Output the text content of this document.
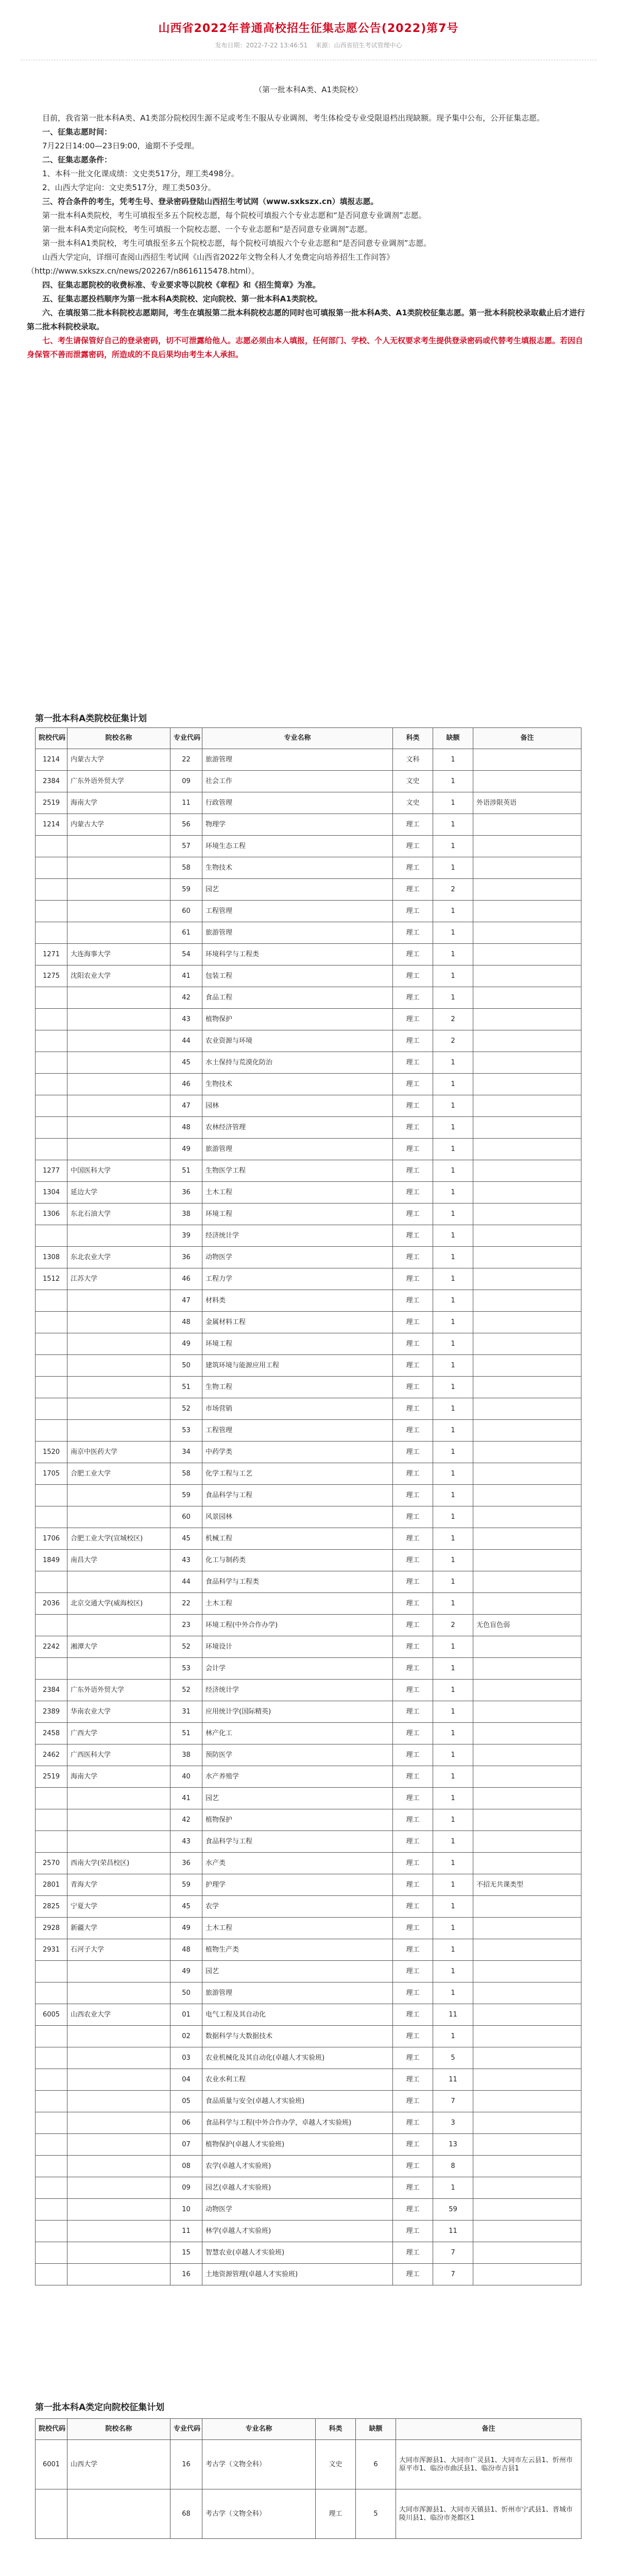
山西省2022年普通高校招生征集志愿公告(2022)第7号
发布日期：2022-7-22 13:46:51 来源：山西省招生考试管理中心

（第一批本科A类、A1类院校）

目前，我省第一批本科A类、A1类部分院校因生源不足或考生不服从专业调剂、考生体检受专业受限退档出现缺额。现予集中公布，公开征集志愿。

一、征集志愿时间：

7月22日14:00—23日9:00，逾期不予受理。

二、征集志愿条件：

1、本科一批文化课成绩：文史类517分，理工类498分。

2、山西大学定向：文史类517分，理工类503分。

三、符合条件的考生，凭考生号、登录密码登陆山西招生考试网（www.sxkszx.cn）填报志愿。

第一批本科A类院校，考生可填报至多五个院校志愿，每个院校可填报六个专业志愿和“是否同意专业调剂”志愿。

第一批本科A类定向院校，考生可填报一个院校志愿、一个专业志愿和“是否同意专业调剂”志愿。

第一批本科A1类院校，考生可填报至多五个院校志愿，每个院校可填报六个专业志愿和“是否同意专业调剂”志愿。

山西大学定向，详细可查阅山西招生考试网《山西省2022年文物全科人才免费定向培养招生工作问答》（http://www.sxkszx.cn/news/202267/n8616115478.html）。

四、征集志愿院校的收费标准、专业要求等以院校《章程》和《招生简章》为准。

五、征集志愿投档顺序为第一批本科A类院校、定向院校、第一批本科A1类院校。

六、在填报第二批本科院校志愿期间，考生在填报第二批本科院校志愿的同时也可填报第一批本科A类、A1类院校征集志愿。第一批本科院校录取截止后才进行第二批本科院校录取。

七、考生请保管好自己的登录密码，切不可泄露给他人。志愿必须由本人填报，任何部门、学校、个人无权要求考生提供登录密码或代替考生填报志愿。若因自身保管不善而泄露密码，所造成的不良后果均由考生本人承担。

第一批本科A类院校征集计划
院校代码	院校名称	专业代码	专业名称	科类	缺额	备注
1214	内蒙古大学	22	旅游管理	文科	1	
2384	广东外语外贸大学	09	社会工作	文史	1	
2519	海南大学	11	行政管理	文史	1	外语涉限英语
1214	内蒙古大学	56	物理学	理工	1	
		57	环境生态工程	理工	1	
		58	生物技术	理工	1	
		59	园艺	理工	2	
		60	工程管理	理工	1	
		61	旅游管理	理工	1	
1271	大连海事大学	54	环境科学与工程类	理工	1	
1275	沈阳农业大学	41	包装工程	理工	1	
		42	食品工程	理工	1	
		43	植物保护	理工	2	
		44	农业资源与环境	理工	2	
		45	水土保持与荒漠化防治	理工	1	
		46	生物技术	理工	1	
		47	园林	理工	1	
		48	农林经济管理	理工	1	
		49	旅游管理	理工	1	
1277	中国医科大学	51	生物医学工程	理工	1	
1304	延边大学	36	土木工程	理工	1	
1306	东北石油大学	38	环境工程	理工	1	
		39	经济统计学	理工	1	
1308	东北农业大学	36	动物医学	理工	1	
1512	江苏大学	46	工程力学	理工	1	
		47	材料类	理工	1	
		48	金属材料工程	理工	1	
		49	环境工程	理工	1	
		50	建筑环境与能源应用工程	理工	1	
		51	生物工程	理工	1	
		52	市场营销	理工	1	
		53	工程管理	理工	1	
1520	南京中医药大学	34	中药学类	理工	1	
1705	合肥工业大学	58	化学工程与工艺	理工	1	
		59	食品科学与工程	理工	1	
		60	风景园林	理工	1	
1706	合肥工业大学(宣城校区)	45	机械工程	理工	1	
1849	南昌大学	43	化工与制药类	理工	1	
		44	食品科学与工程类	理工	1	
2036	北京交通大学(威海校区)	22	土木工程	理工	1	
		23	环境工程(中外合作办学)	理工	2	无色盲色弱
2242	湘潭大学	52	环境设计	理工	1	
		53	会计学	理工	1	
2384	广东外语外贸大学	52	经济统计学	理工	1	
2389	华南农业大学	31	应用统计学(国际精英)	理工	1	
2458	广西大学	51	林产化工	理工	1	
2462	广西医科大学	38	预防医学	理工	1	
2519	海南大学	40	水产养殖学	理工	1	
		41	园艺	理工	1	
		42	植物保护	理工	1	
		43	食品科学与工程	理工	1	
2570	西南大学(荣昌校区)	36	水产类	理工	1	
2801	青海大学	59	护理学	理工	1	不招无共课类型
2825	宁夏大学	45	农学	理工	1	
2928	新疆大学	49	土木工程	理工	1	
2931	石河子大学	48	植物生产类	理工	1	
		49	园艺	理工	1	
		50	旅游管理	理工	1	
6005	山西农业大学	01	电气工程及其自动化	理工	11	
		02	数据科学与大数据技术	理工	1	
		03	农业机械化及其自动化(卓越人才实验班)	理工	5	
		04	农业水利工程	理工	11	
		05	食品质量与安全(卓越人才实验班)	理工	7	
		06	食品科学与工程(中外合作办学，卓越人才实验班)	理工	3	
		07	植物保护(卓越人才实验班)	理工	13	
		08	农学(卓越人才实验班)	理工	8	
		09	园艺(卓越人才实验班)	理工	1	
		10	动物医学	理工	59	
		11	林学(卓越人才实验班)	理工	11	
		15	智慧农业(卓越人才实验班)	理工	7	
		16	土地资源管理(卓越人才实验班)	理工	7	
第一批本科A类定向院校征集计划
院校代码	院校名称	专业代码	专业名称	科类	缺额	备注
6001	山西大学	16	考古学（文物全科）	文史	6	大同市浑源县1、大同市广灵县1、大同市左云县1、忻州市原平市1、临汾市曲沃县1、临汾市吉县1
		68	考古学（文物全科）	理工	5	大同市浑源县1、大同市天镇县1、忻州市宁武县1、晋城市陵川县1、临汾市尧都区1
